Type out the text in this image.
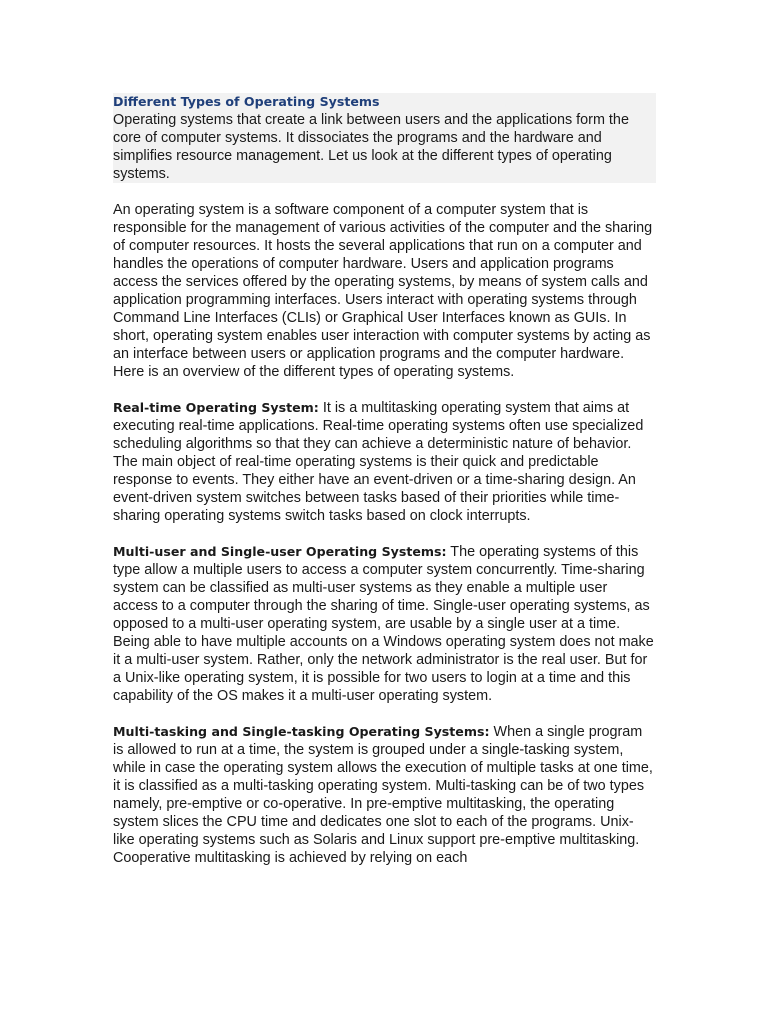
Different Types of Operating Systems
Operating systems that create a link between users and the applications form the core of computer systems. It dissociates the programs and the hardware and simplifies resource management. Let us look at the different types of operating systems.

An operating system is a software component of a computer system that is responsible for the management of various activities of the computer and the sharing of computer resources. It hosts the several applications that run on a computer and handles the operations of computer hardware. Users and application programs access the services offered by the operating systems, by means of system calls and application programming interfaces. Users interact with operating systems through Command Line Interfaces (CLIs) or Graphical User Interfaces known as GUIs. In short, operating system enables user interaction with computer systems by acting as an interface between users or application programs and the computer hardware. Here is an overview of the different types of operating systems.

Real-time Operating System: It is a multitasking operating system that aims at executing real-time applications. Real-time operating systems often use specialized scheduling algorithms so that they can achieve a deterministic nature of behavior. The main object of real-time operating systems is their quick and predictable response to events. They either have an event-driven or a time-sharing design. An event-driven system switches between tasks based of their priorities while time-sharing operating systems switch tasks based on clock interrupts.

Multi-user and Single-user Operating Systems: The operating systems of this type allow a multiple users to access a computer system concurrently. Time-sharing system can be classified as multi-user systems as they enable a multiple user access to a computer through the sharing of time. Single-user operating systems, as opposed to a multi-user operating system, are usable by a single user at a time. Being able to have multiple accounts on a Windows operating system does not make it a multi-user system. Rather, only the network administrator is the real user. But for a Unix-like operating system, it is possible for two users to login at a time and this capability of the OS makes it a multi-user operating system.

Multi-tasking and Single-tasking Operating Systems: When a single program is allowed to run at a time, the system is grouped under a single-tasking system, while in case the operating system allows the execution of multiple tasks at one time, it is classified as a multi-tasking operating system. Multi-tasking can be of two types namely, pre-emptive or co-operative. In pre-emptive multitasking, the operating system slices the CPU time and dedicates one slot to each of the programs. Unix-like operating systems such as Solaris and Linux support pre-emptive multitasking. Cooperative multitasking is achieved by relying on each
